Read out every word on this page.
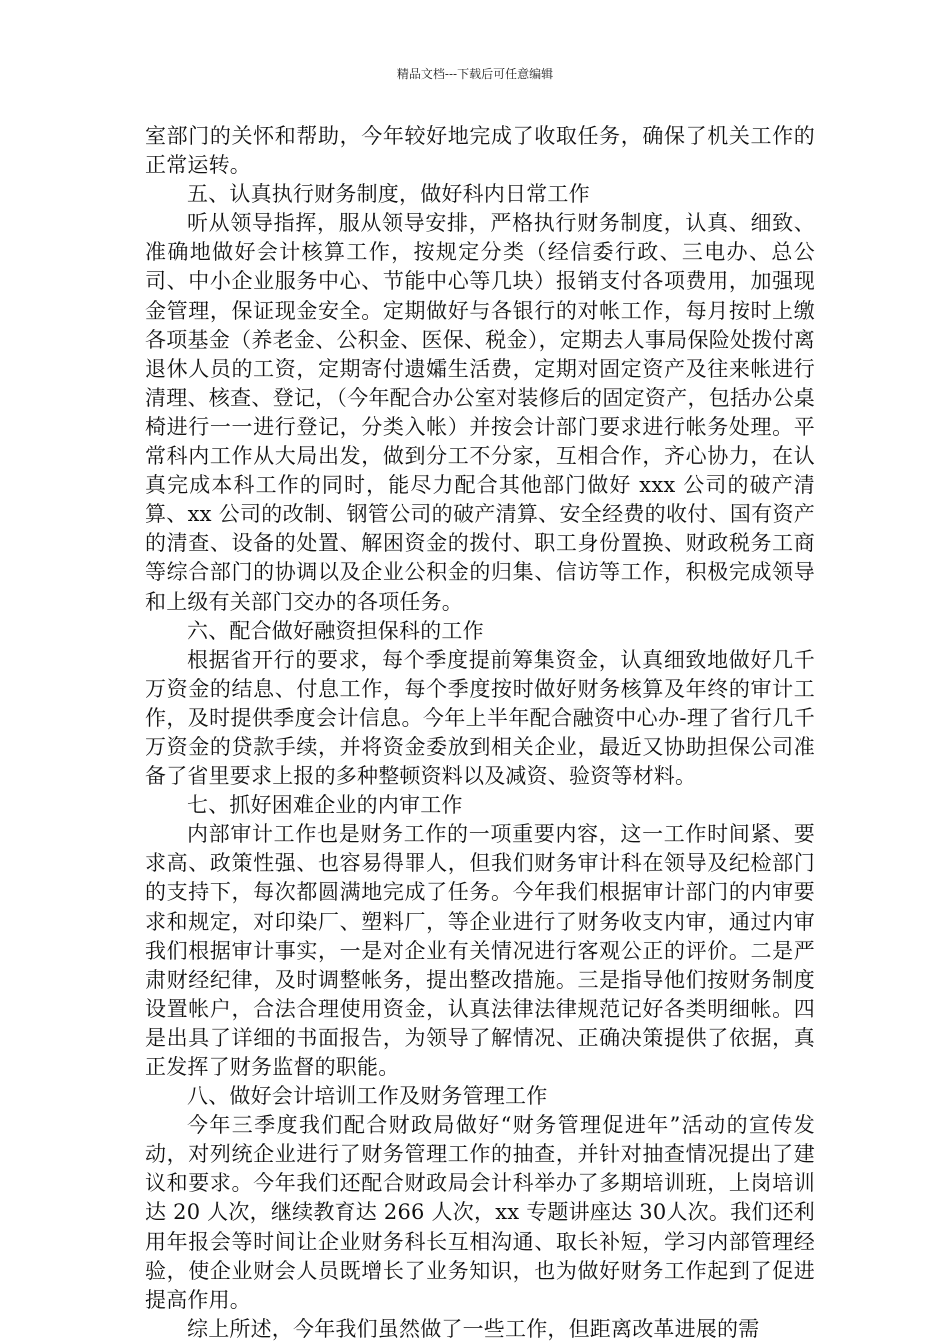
精品文档---下载后可任意编辑

室部门的关怀和帮助，今年较好地完成了收取任务，确保了机关工作的正常运转。

五、认真执行财务制度，做好科内日常工作

听从领导指挥，服从领导安排，严格执行财务制度，认真、细致、准确地做好会计核算工作，按规定分类（经信委行政、三电办、总公司、中小企业服务中心、节能中心等几块）报销支付各项费用，加强现金管理，保证现金安全。定期做好与各银行的对帐工作，每月按时上缴各项基金（养老金、公积金、医保、税金），定期去人事局保险处拨付离退休人员的工资，定期寄付遗孀生活费，定期对固定资产及往来帐进行清理、核查、登记，（今年配合办公室对装修后的固定资产，包括办公桌椅进行一一进行登记，分类入帐）并按会计部门要求进行帐务处理。平常科内工作从大局出发，做到分工不分家，互相合作，齐心协力，在认真完成本科工作的同时，能尽力配合其他部门做好 xxx 公司的破产清算、xx 公司的改制、钢管公司的破产清算、安全经费的收付、国有资产的清查、设备的处置、解困资金的拨付、职工身份置换、财政税务工商等综合部门的协调以及企业公积金的归集、信访等工作，积极完成领导和上级有关部门交办的各项任务。

六、配合做好融资担保科的工作

根据省开行的要求，每个季度提前筹集资金，认真细致地做好几千万资金的结息、付息工作，每个季度按时做好财务核算及年终的审计工作，及时提供季度会计信息。今年上半年配合融资中心办-理了省行几千万资金的贷款手续，并将资金委放到相关企业，最近又协助担保公司准备了省里要求上报的多种整顿资料以及减资、验资等材料。

七、抓好困难企业的内审工作

内部审计工作也是财务工作的一项重要内容，这一工作时间紧、要求高、政策性强、也容易得罪人，但我们财务审计科在领导及纪检部门的支持下，每次都圆满地完成了任务。今年我们根据审计部门的内审要求和规定，对印染厂、塑料厂，等企业进行了财务收支内审，通过内审我们根据审计事实，一是对企业有关情况进行客观公正的评价。二是严肃财经纪律，及时调整帐务，提出整改措施。三是指导他们按财务制度设置帐户，合法合理使用资金，认真法律法律规范记好各类明细帐。四是出具了详细的书面报告，为领导了解情况、正确决策提供了依据，真正发挥了财务监督的职能。

八、做好会计培训工作及财务管理工作

今年三季度我们配合财政局做好“财务管理促进年”活动的宣传发动，对列统企业进行了财务管理工作的抽查，并针对抽查情况提出了建议和要求。今年我们还配合财政局会计科举办了多期培训班，上岗培训达 20 人次，继续教育达 266 人次，xx 专题讲座达 30人次。我们还利用年报会等时间让企业财务科长互相沟通、取长补短，学习内部管理经验，使企业财会人员既增长了业务知识，也为做好财务工作起到了促进提高作用。

综上所述，今年我们虽然做了一些工作，但距离改革进展的需
